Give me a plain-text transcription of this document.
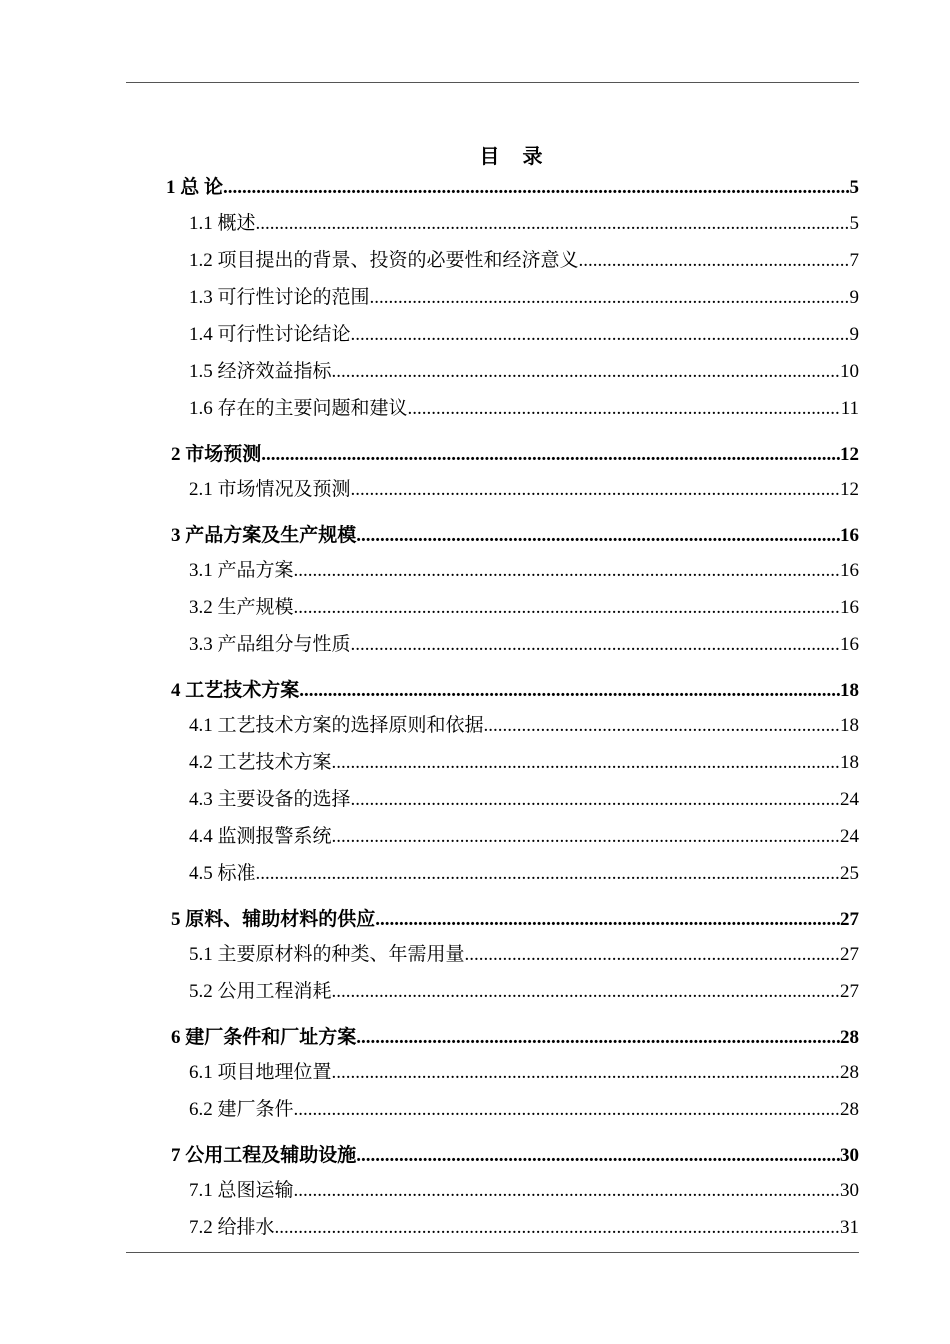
目 录
1 总 论 .....	5
1.1 概述 .....	5
1.2 项目提出的背景、投资的必要性和经济意义 .....	7
1.3 可行性讨论的范围 .....	9
1.4 可行性讨论结论 .....	9
1.5 经济效益指标 .....	10
1.6 存在的主要问题和建议 .....	11
2 市场预测 .....	12
2.1 市场情况及预测 .....	12
3 产品方案及生产规模 .....	16
3.1 产品方案 .....	16
3.2 生产规模 .....	16
3.3 产品组分与性质 .....	16
4 工艺技术方案 .....	18
4.1 工艺技术方案的选择原则和依据 .....	18
4.2 工艺技术方案 .....	18
4.3 主要设备的选择 .....	24
4.4 监测报警系统 .....	24
4.5 标准 .....	25
5 原料、辅助材料的供应 .....	27
5.1 主要原材料的种类、年需用量 .....	27
5.2 公用工程消耗 .....	27
6 建厂条件和厂址方案 .....	28
6.1 项目地理位置 .....	28
6.2 建厂条件 .....	28
7 公用工程及辅助设施 .....	30
7.1 总图运输 .....	30
7.2 给排水 .....	31
